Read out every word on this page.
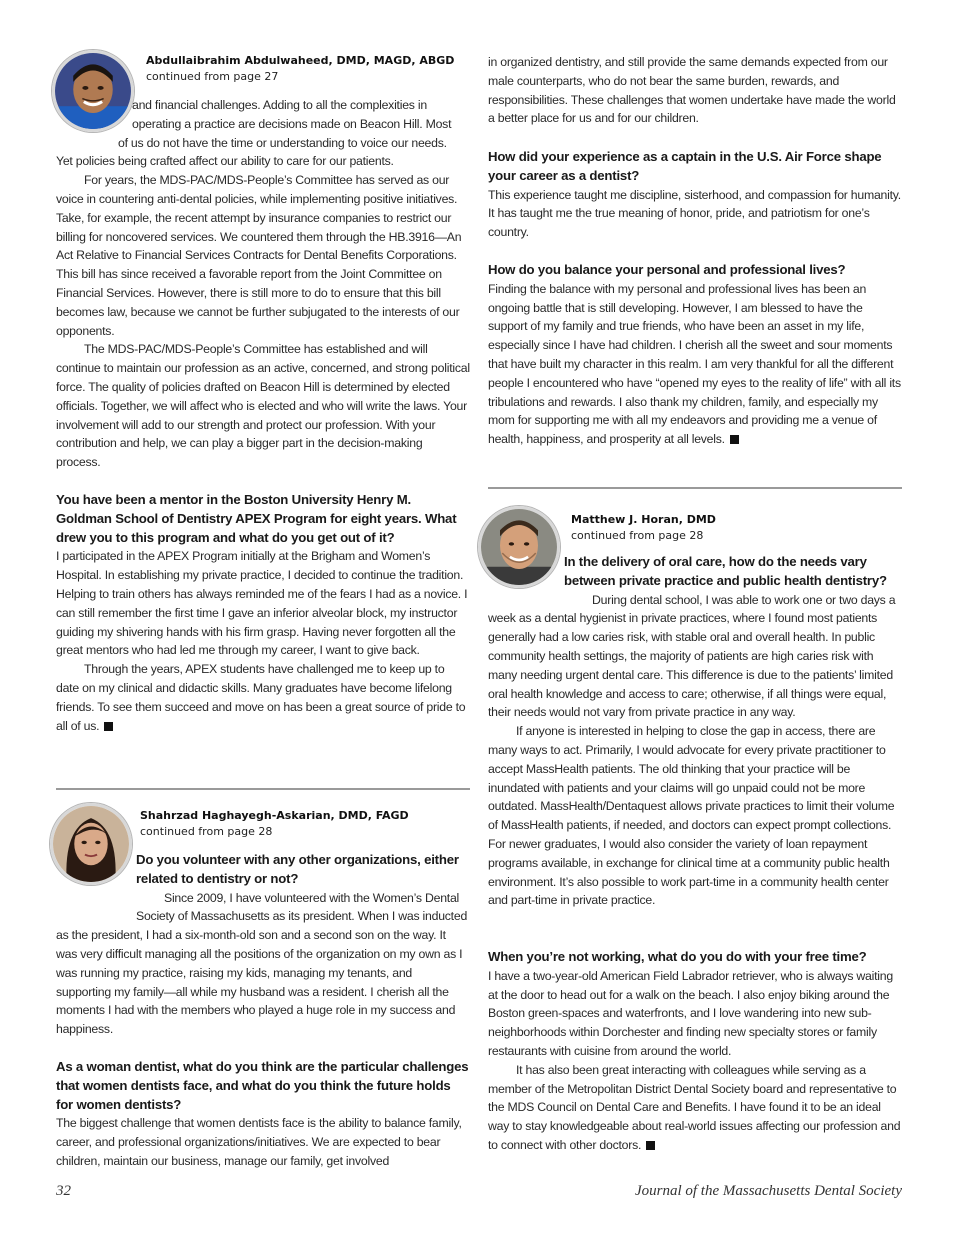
Abdullaibrahim Abdulwaheed, DMD, MAGD, ABGD

continued from page 27

and financial challenges. Adding to all the complexities in

operating a practice are decisions made on Beacon Hill. Most

of us do not have the time or understanding to voice our needs.

Yet policies being crafted affect our ability to care for our patients.

For years, the MDS-PAC/MDS-People’s Committee has served as our voice in countering anti-dental policies, while implementing positive initiatives. Take, for example, the recent attempt by insurance companies to restrict our billing for noncovered services. We countered them through the HB.3916—An Act Relative to Financial Services Contracts for Dental Benefits Corporations. This bill has since received a favorable report from the Joint Committee on Financial Services. However, there is still more to do to ensure that this bill becomes law, because we cannot be further subjugated to the interests of our opponents.

The MDS-PAC/MDS-People’s Committee has established and will continue to maintain our profession as an active, concerned, and strong political force. The quality of policies drafted on Beacon Hill is determined by elected officials. Together, we will affect who is elected and who will write the laws. Your involvement will add to our strength and protect our profession. With your contribution and help, we can play a bigger part in the decision-making process.

You have been a mentor in the Boston University Henry M. Goldman School of Dentistry APEX Program for eight years. What drew you to this program and what do you get out of it?

I participated in the APEX Program initially at the Brigham and Women’s Hospital. In establishing my private practice, I decided to continue the tradition. Helping to train others has always reminded me of the fears I had as a novice. I can still remember the first time I gave an inferior alveolar block, my instructor guiding my shivering hands with his firm grasp. Having never forgotten all the great mentors who had led me through my career, I want to give back.

Through the years, APEX students have challenged me to keep up to date on my clinical and didactic skills. Many graduates have become lifelong friends. To see them succeed and move on has been a great source of pride to all of us.

Shahrzad Haghayegh-Askarian, DMD, FAGD

continued from page 28

Do you volunteer with any other organizations, either related to dentistry or not?

Since 2009, I have volunteered with the Women’s Dental Society of Massachusetts as its president. When I was inducted as the president, I had a six-month-old son and a second son on the way. It was very difficult managing all the positions of the organization on my own as I was running my practice, raising my kids, managing my tenants, and supporting my family—all while my husband was a resident. I cherish all the moments I had with the members who played a huge role in my success and happiness.

As a woman dentist, what do you think are the particular challenges that women dentists face, and what do you think the future holds for women dentists?

The biggest challenge that women dentists face is the ability to balance family, career, and professional organizations/initiatives. We are expected to bear children, maintain our business, manage our family, get involved

in organized dentistry, and still provide the same demands expected from our male counterparts, who do not bear the same burden, rewards, and responsibilities. These challenges that women undertake have made the world a better place for us and for our children.

How did your experience as a captain in the U.S. Air Force shape your career as a dentist?

This experience taught me discipline, sisterhood, and compassion for humanity. It has taught me the true meaning of honor, pride, and patriotism for one’s country.

How do you balance your personal and professional lives?

Finding the balance with my personal and professional lives has been an ongoing battle that is still developing. However, I am blessed to have the support of my family and true friends, who have been an asset in my life, especially since I have had children. I cherish all the sweet and sour moments that have built my character in this realm. I am very thankful for all the different people I encountered who have “opened my eyes to the reality of life” with all its tribulations and rewards. I also thank my children, family, and especially my mom for supporting me with all my endeavors and providing me a venue of health, happiness, and prosperity at all levels.

Matthew J. Horan, DMD

continued from page 28

In the delivery of oral care, how do the needs vary between private practice and public health dentistry?

During dental school, I was able to work one or two days a week as a dental hygienist in private practices, where I found most patients generally had a low caries risk, with stable oral and overall health. In public community health settings, the majority of patients are high caries risk with many needing urgent dental care. This difference is due to the patients’ limited oral health knowledge and access to care; otherwise, if all things were equal, their needs would not vary from private practice in any way.

If anyone is interested in helping to close the gap in access, there are many ways to act. Primarily, I would advocate for every private practitioner to accept MassHealth patients. The old thinking that your practice will be inundated with patients and your claims will go unpaid could not be more outdated. MassHealth/Dentaquest allows private practices to limit their volume of MassHealth patients, if needed, and doctors can expect prompt collections. For newer graduates, I would also consider the variety of loan repayment programs available, in exchange for clinical time at a community public health environment. It’s also possible to work part-time in a community health center and part-time in private practice.

When you’re not working, what do you do with your free time?

I have a two-year-old American Field Labrador retriever, who is always waiting at the door to head out for a walk on the beach. I also enjoy biking around the Boston green-spaces and waterfronts, and I love wandering into new sub-neighborhoods within Dorchester and finding new specialty stores or family restaurants with cuisine from around the world.

It has also been great interacting with colleagues while serving as a member of the Metropolitan District Dental Society board and representative to the MDS Council on Dental Care and Benefits. I have found it to be an ideal way to stay knowledgeable about real-world issues affecting our profession and to connect with other doctors.

32	Journal of the Massachusetts Dental Society
